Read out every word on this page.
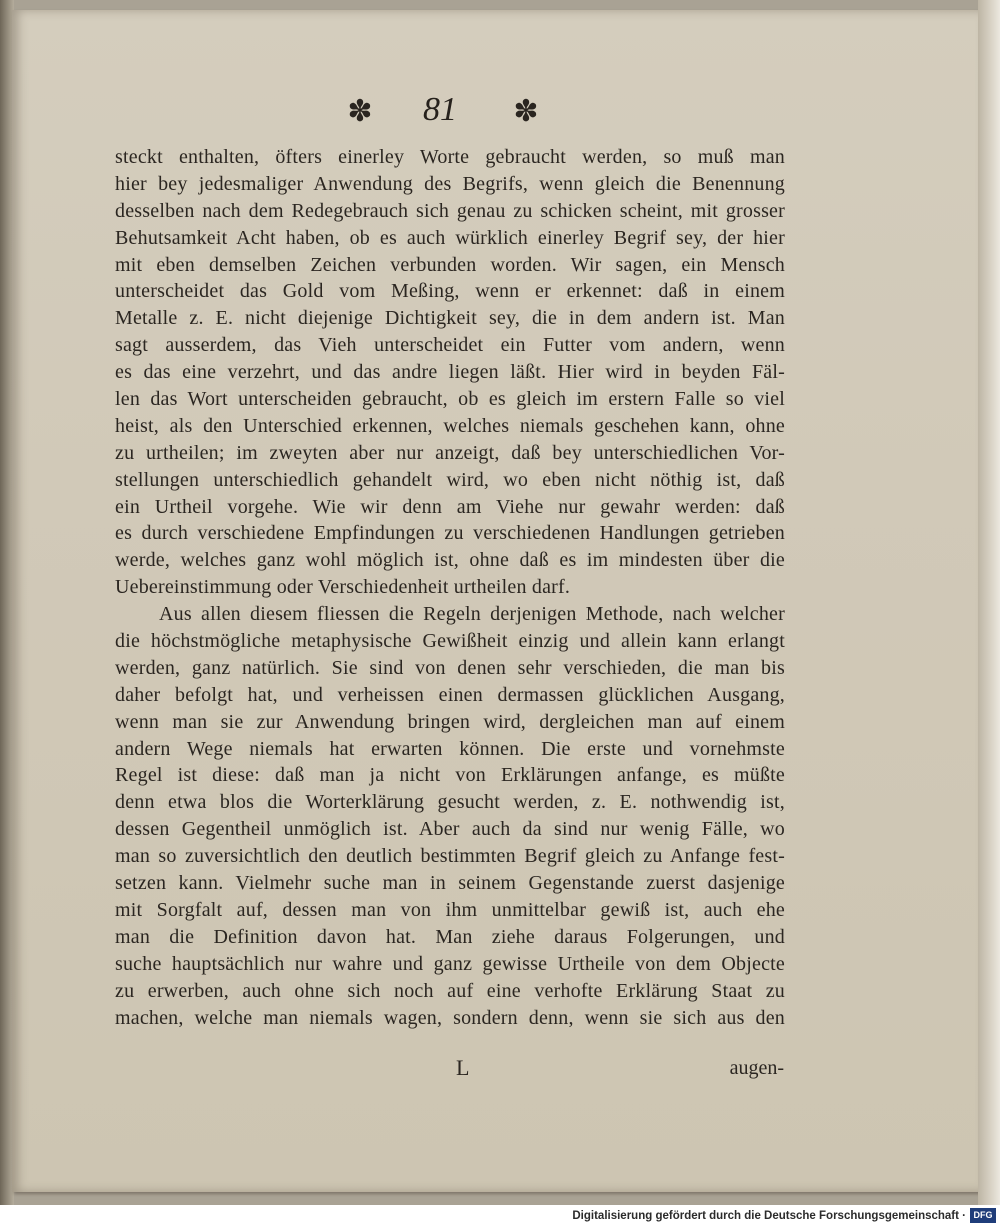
✽	81	✽
steckt enthalten, öfters einerley Worte gebraucht werden, so muß man
hier bey jedesmaliger Anwendung des Begrifs, wenn gleich die Benennung
desselben nach dem Redegebrauch sich genau zu schicken scheint, mit grosser
Behutsamkeit Acht haben, ob es auch würklich einerley Begrif sey, der hier
mit eben demselben Zeichen verbunden worden. Wir sagen, ein Mensch
unterscheidet das Gold vom Meßing, wenn er erkennet: daß in einem
Metalle z. E. nicht diejenige Dichtigkeit sey, die in dem andern ist. Man
sagt ausserdem, das Vieh unterscheidet ein Futter vom andern, wenn
es das eine verzehrt, und das andre liegen läßt. Hier wird in beyden Fäl-
len das Wort unterscheiden gebraucht, ob es gleich im erstern Falle so viel
heist, als den Unterschied erkennen, welches niemals geschehen kann, ohne
zu urtheilen; im zweyten aber nur anzeigt, daß bey unterschiedlichen Vor-
stellungen unterschiedlich gehandelt wird, wo eben nicht nöthig ist, daß
ein Urtheil vorgehe. Wie wir denn am Viehe nur gewahr werden: daß
es durch verschiedene Empfindungen zu verschiedenen Handlungen getrieben
werde, welches ganz wohl möglich ist, ohne daß es im mindesten über die
Uebereinstimmung oder Verschiedenheit urtheilen darf.
Aus allen diesem fliessen die Regeln derjenigen Methode, nach welcher
die höchstmögliche metaphysische Gewißheit einzig und allein kann erlangt
werden, ganz natürlich. Sie sind von denen sehr verschieden, die man bis
daher befolgt hat, und verheissen einen dermassen glücklichen Ausgang,
wenn man sie zur Anwendung bringen wird, dergleichen man auf einem
andern Wege niemals hat erwarten können. Die erste und vornehmste
Regel ist diese: daß man ja nicht von Erklärungen anfange, es müßte
denn etwa blos die Worterklärung gesucht werden, z. E. nothwendig ist,
dessen Gegentheil unmöglich ist. Aber auch da sind nur wenig Fälle, wo
man so zuversichtlich den deutlich bestimmten Begrif gleich zu Anfange fest-
setzen kann. Vielmehr suche man in seinem Gegenstande zuerst dasjenige
mit Sorgfalt auf, dessen man von ihm unmittelbar gewiß ist, auch ehe
man die Definition davon hat. Man ziehe daraus Folgerungen, und
suche hauptsächlich nur wahre und ganz gewisse Urtheile von dem Objecte
zu erwerben, auch ohne sich noch auf eine verhofte Erklärung Staat zu
machen, welche man niemals wagen, sondern denn, wenn sie sich aus den
L	augen-
Digitalisierung gefördert durch die Deutsche Forschungsgemeinschaft · DFG
